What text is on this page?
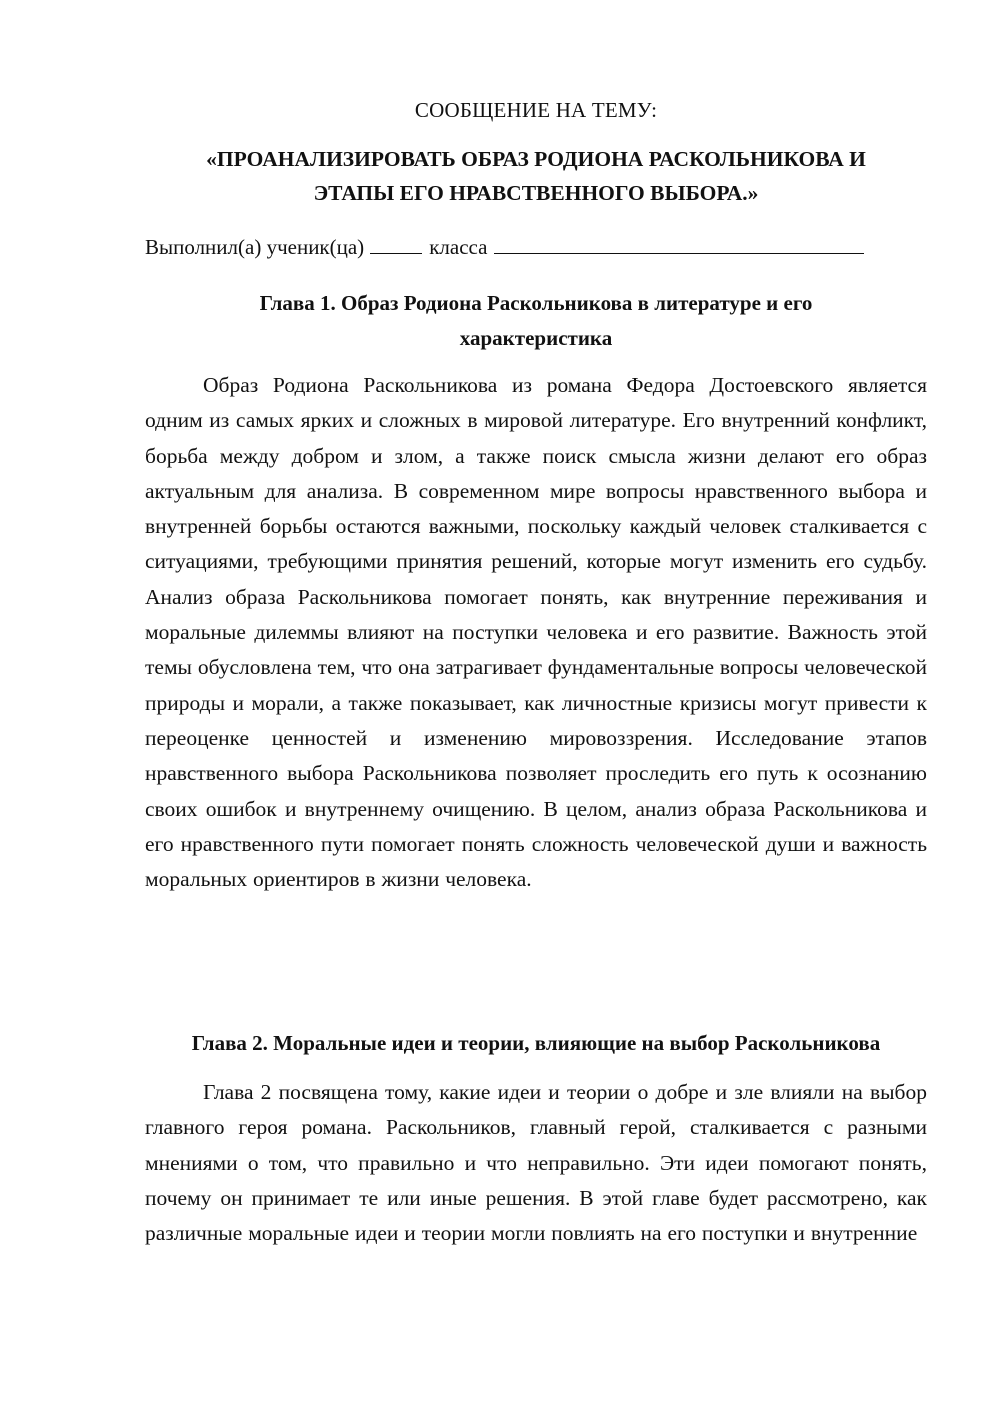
СООБЩЕНИЕ НА ТЕМУ:
«ПРОАНАЛИЗИРОВАТЬ ОБРАЗ РОДИОНА РАСКОЛЬНИКОВА И
ЭТАПЫ ЕГО НРАВСТВЕННОГО ВЫБОРА.»
Выполнил(а) ученик(ца)	класса
Глава 1. Образ Родиона Раскольникова в литературе и его
характеристика

Образ Родиона Раскольникова из романа Федора Достоевского является одним из самых ярких и сложных в мировой литературе. Его внутренний конфликт, борьба между добром и злом, а также поиск смысла жизни делают его образ актуальным для анализа. В современном мире вопросы нравственного выбора и внутренней борьбы остаются важными, поскольку каждый человек сталкивается с ситуациями, требующими принятия решений, которые могут изменить его судьбу. Анализ образа Раскольникова помогает понять, как внутренние переживания и моральные дилеммы влияют на поступки человека и его развитие. Важность этой темы обусловлена тем, что она затрагивает фундаментальные вопросы человеческой природы и морали, а также показывает, как личностные кризисы могут привести к переоценке ценностей и изменению мировоззрения. Исследование этапов нравственного выбора Раскольникова позволяет проследить его путь к осознанию своих ошибок и внутреннему очищению. В целом, анализ образа Раскольникова и его нравственного пути помогает понять сложность человеческой души и важность моральных ориентиров в жизни человека.

Глава 2. Моральные идеи и теории, влияющие на выбор Раскольникова

Глава 2 посвящена тому, какие идеи и теории о добре и зле влияли на выбор главного героя романа. Раскольников, главный герой, сталкивается с разными мнениями о том, что правильно и что неправильно. Эти идеи помогают понять, почему он принимает те или иные решения. В этой главе будет рассмотрено, как различные моральные идеи и теории могли повлиять на его поступки и внутренние
